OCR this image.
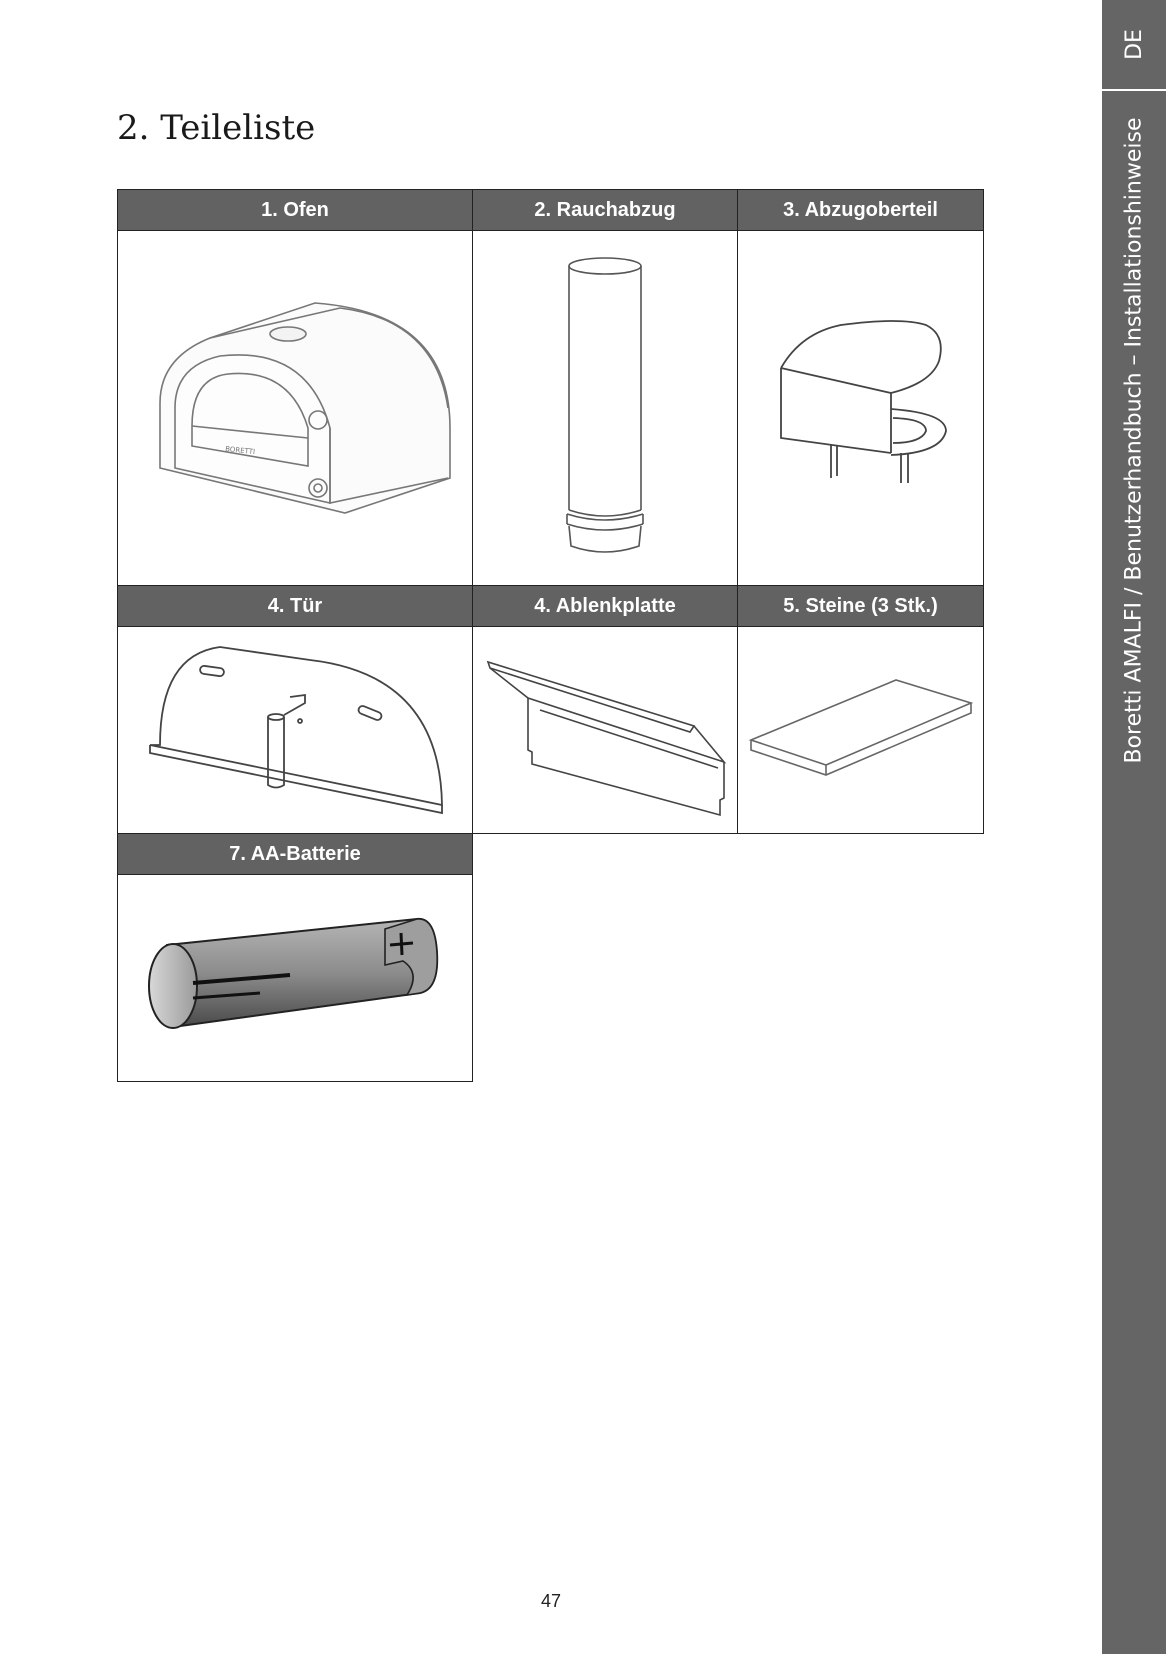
DE
Boretti AMALFI / Benutzerhandbuch – Installationshinweise
2. Teileliste
1. Ofen	2. Rauchabzug	3. Abzugoberteil

BORETTI

4. Tür	4. Ablenkplatte	5. Steine (3 Stk.)

7. AA-Batterie		

47
